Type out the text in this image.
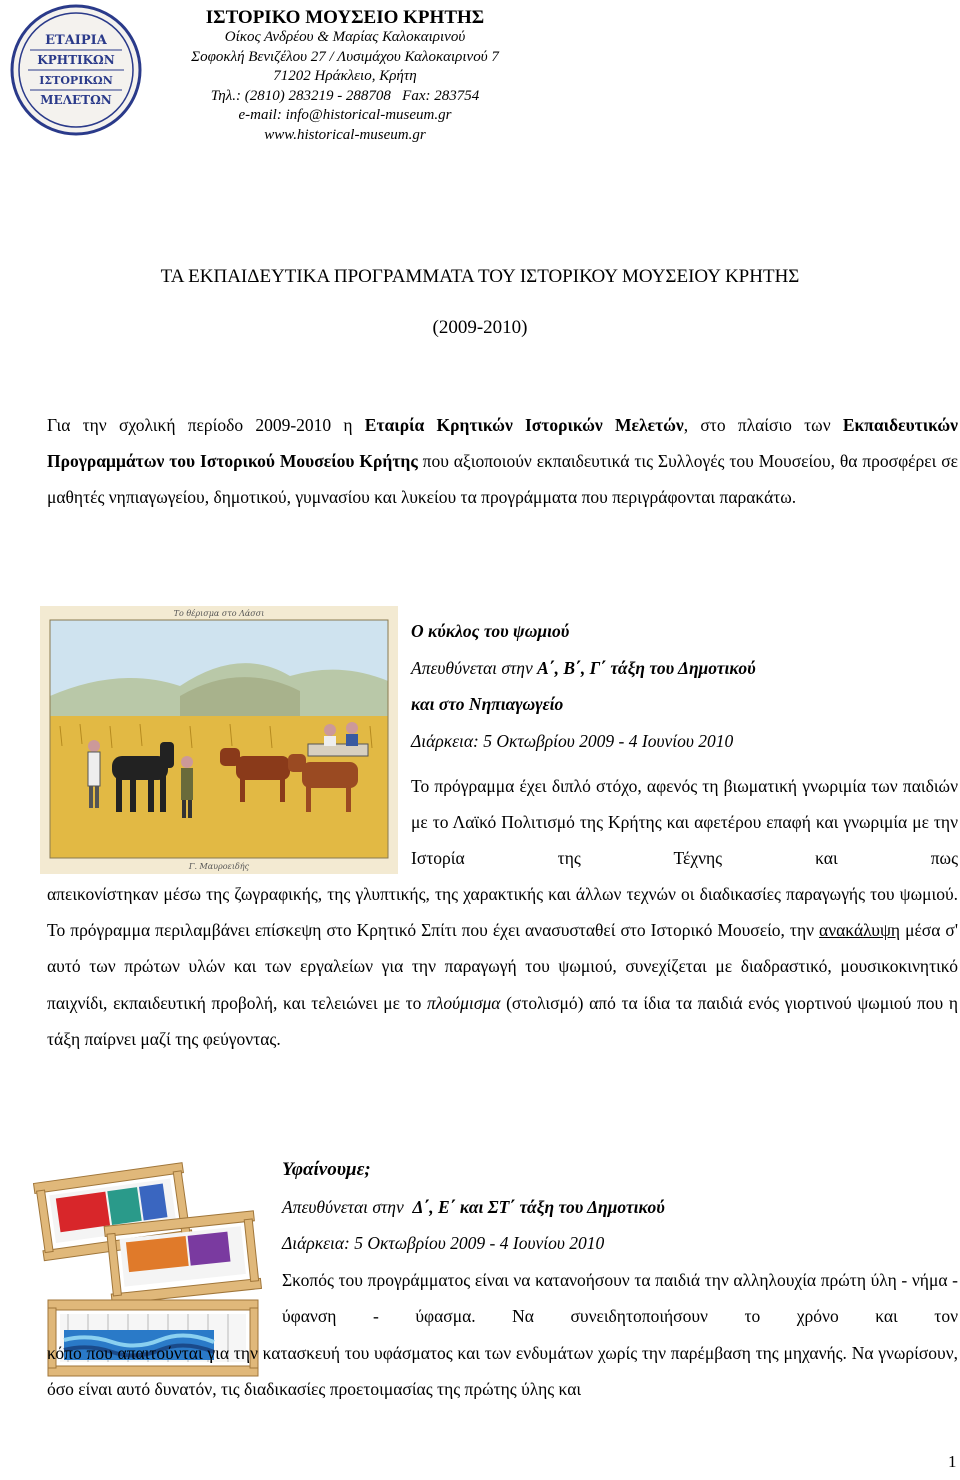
ΕΤΑΙΡΙΑ
ΚΡΗΤΙΚΩΝ
ΙΣΤΟΡΙΚΩΝ
ΜΕΛΕΤΩΝ
ΙΣΤΟΡΙΚΟ ΜΟΥΣΕΙΟ ΚΡΗΤΗΣ
Οίκος Ανδρέου & Μαρίας Καλοκαιρινού
Σοφοκλή Βενιζέλου 27 / Λυσιμάχου Καλοκαιρινού 7
71202 Ηράκλειο, Κρήτη
Τηλ.: (2810) 283219 - 288708   Fax: 283754
e-mail: info@historical-museum.gr
www.historical-museum.gr
ΤΑ ΕΚΠΑΙΔΕΥΤΙΚΑ ΠΡΟΓΡΑΜΜΑΤΑ ΤΟΥ ΙΣΤΟΡΙΚΟΥ ΜΟΥΣΕΙΟΥ ΚΡΗΤΗΣ
(2009-2010)
Για την σχολική περίοδο 2009-2010 η Εταιρία Κρητικών Ιστορικών Μελετών, στο πλαίσιο των Εκπαιδευτικών Προγραμμάτων του Ιστορικού Μουσείου Κρήτης που αξιοποιούν εκπαιδευτικά τις Συλλογές του Μουσείου, θα προσφέρει σε μαθητές νηπιαγωγείου, δημοτικού, γυμνασίου και λυκείου τα προγράμματα που περιγράφονται παρακάτω.
Το θέρισμα στο Λάσσι
Γ. Μαυροειδής
Ο κύκλος του ψωμιού
Απευθύνεται στην Α΄, Β΄, Γ΄ τάξη του Δημοτικού
και στο Νηπιαγωγείο
Διάρκεια: 5 Οκτωβρίου 2009 - 4 Ιουνίου 2010
Το πρόγραμμα έχει διπλό στόχο, αφενός τη βιωματική γνωριμία των παιδιών με το Λαϊκό Πολιτισμό της Κρήτης και αφετέρου επαφή και γνωριμία με την Ιστορία της Τέχνης και πως
απεικονίστηκαν μέσω της ζωγραφικής, της γλυπτικής, της χαρακτικής και άλλων τεχνών οι διαδικασίες παραγωγής του ψωμιού. Το πρόγραμμα περιλαμβάνει επίσκεψη στο Κρητικό Σπίτι που έχει ανασυσταθεί στο Ιστορικό Μουσείο, την ανακάλυψη μέσα σ' αυτό των πρώτων υλών και των εργαλείων για την παραγωγή του ψωμιού, συνεχίζεται με διαδραστικό, μουσικοκινητικό παιχνίδι, εκπαιδευτική προβολή, και τελειώνει με το πλούμισμα (στολισμό) από τα ίδια τα παιδιά ενός γιορτινού ψωμιού που η τάξη παίρνει μαζί της φεύγοντας.
Υφαίνουμε;
Απευθύνεται στην  Δ΄, Ε΄ και ΣΤ΄ τάξη του Δημοτικού
Διάρκεια: 5 Οκτωβρίου 2009 - 4 Ιουνίου 2010
Σκοπός του προγράμματος είναι να κατανοήσουν τα παιδιά την αλληλουχία πρώτη ύλη - νήμα - ύφανση - ύφασμα. Να συνειδητοποιήσουν το χρόνο και τον
κόπο που απαιτούνται για την κατασκευή του υφάσματος και των ενδυμάτων χωρίς την παρέμβαση της μηχανής. Να γνωρίσουν, όσο είναι αυτό δυνατόν, τις διαδικασίες προετοιμασίας της πρώτης ύλης και
1
